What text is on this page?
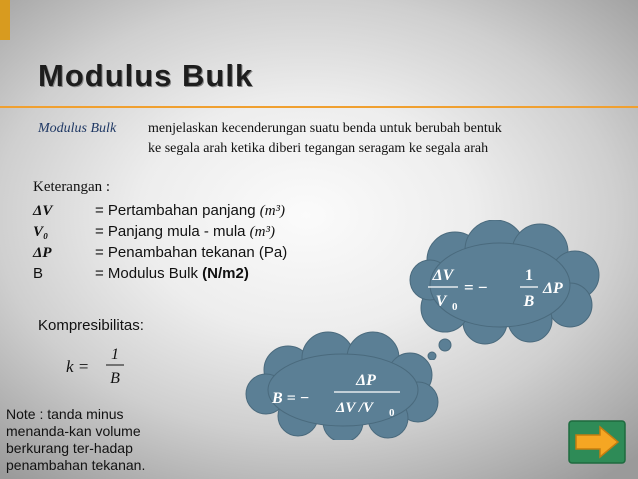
Modulus Bulk
Modulus Bulk menjelaskan kecenderungan suatu benda untuk berubah bentuk
ke segala arah ketika diberi tegangan seragam ke segala arah
Keterangan :
ΔV	= Pertambahan panjang (m³)
V₀	= Panjang mula - mula (m³)
ΔP	= Penambahan tekanan (Pa)
B	= Modulus Bulk (N/m2)
Kompresibilitas:
k =
1
B
Note : tanda minus
menanda-kan volume
berkurang ter-hadap
penambahan tekanan.
ΔV
V 0
= −
1
B
ΔP
B = −
ΔP
ΔV /V 0
